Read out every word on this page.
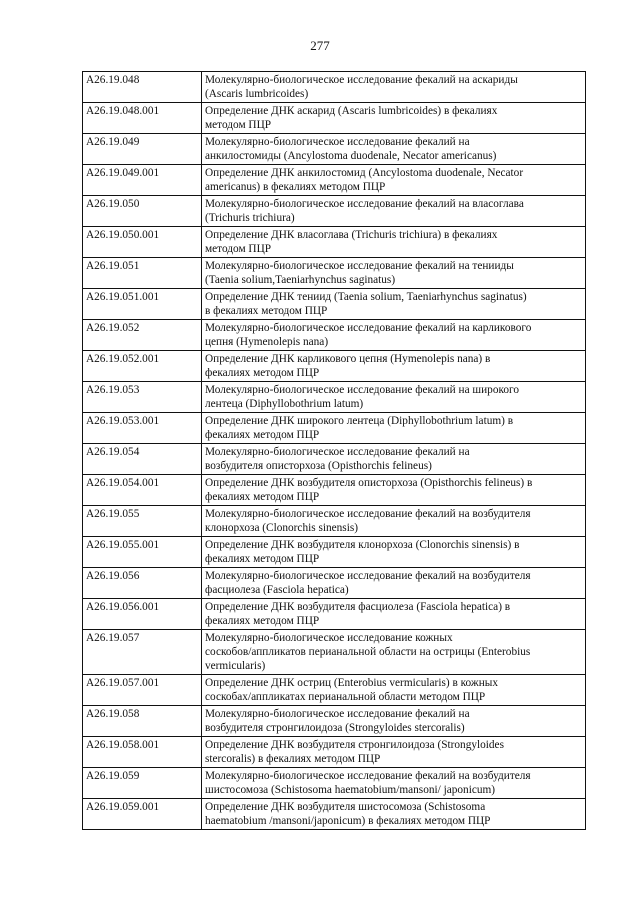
277
A26.19.048	Молекулярно-биологическое исследование фекалий на аскариды
(Ascaris lumbricoides)

A26.19.048.001	Определение ДНК аскарид (Ascaris lumbricoides) в фекалиях
методом ПЦР

A26.19.049	Молекулярно-биологическое исследование фекалий на
анкилостомиды (Ancylostoma duodenale, Necator americanus)

A26.19.049.001	Определение ДНК анкилостомид (Ancylostoma duodenale, Necator
americanus) в фекалиях методом ПЦР

A26.19.050	Молекулярно-биологическое исследование фекалий на власоглава
(Trichuris trichiura)

A26.19.050.001	Определение ДНК власоглава (Trichuris trichiura) в фекалиях
методом ПЦР

A26.19.051	Молекулярно-биологическое исследование фекалий на тенииды
(Taenia solium,Taeniarhynchus saginatus)

A26.19.051.001	Определение ДНК тениид (Taenia solium, Taeniarhynchus saginatus)
в фекалиях методом ПЦР

A26.19.052	Молекулярно-биологическое исследование фекалий на карликового
цепня (Hymenolepis nana)

A26.19.052.001	Определение ДНК карликового цепня (Hymenolepis nana) в
фекалиях методом ПЦР

A26.19.053	Молекулярно-биологическое исследование фекалий на широкого
лентеца (Diphyllobothrium latum)

A26.19.053.001	Определение ДНК широкого лентеца (Diphyllobothrium latum) в
фекалиях методом ПЦР

A26.19.054	Молекулярно-биологическое исследование фекалий на
возбудителя описторхоза (Opisthorchis felineus)

A26.19.054.001	Определение ДНК возбудителя описторхоза (Opisthorchis felineus) в
фекалиях методом ПЦР

A26.19.055	Молекулярно-биологическое исследование фекалий на возбудителя
клонорхоза (Clonorchis sinensis)

A26.19.055.001	Определение ДНК возбудителя клонорхоза (Clonorchis sinensis) в
фекалиях методом ПЦР

A26.19.056	Молекулярно-биологическое исследование фекалий на возбудителя
фасциолеза (Fasciola hepatica)

A26.19.056.001	Определение ДНК возбудителя фасциолеза (Fasciola hepatica) в
фекалиях методом ПЦР

A26.19.057	Молекулярно-биологическое исследование кожных
соскобов/аппликатов перианальной области на острицы (Enterobius
vermicularis)

A26.19.057.001	Определение ДНК остриц (Enterobius vermicularis) в кожных
соскобах/аппликатах перианальной области методом ПЦР

A26.19.058	Молекулярно-биологическое исследование фекалий на
возбудителя стронгилоидоза (Strongyloides stercoralis)

A26.19.058.001	Определение ДНК возбудителя стронгилоидоза (Strongyloides
stercoralis) в фекалиях методом ПЦР

A26.19.059	Молекулярно-биологическое исследование фекалий на возбудителя
шистосомоза (Schistosoma haematobium/mansoni/ japonicum)

A26.19.059.001	Определение ДНК возбудителя шистосомоза (Schistosoma
haematobium /mansoni/japonicum) в фекалиях методом ПЦР
